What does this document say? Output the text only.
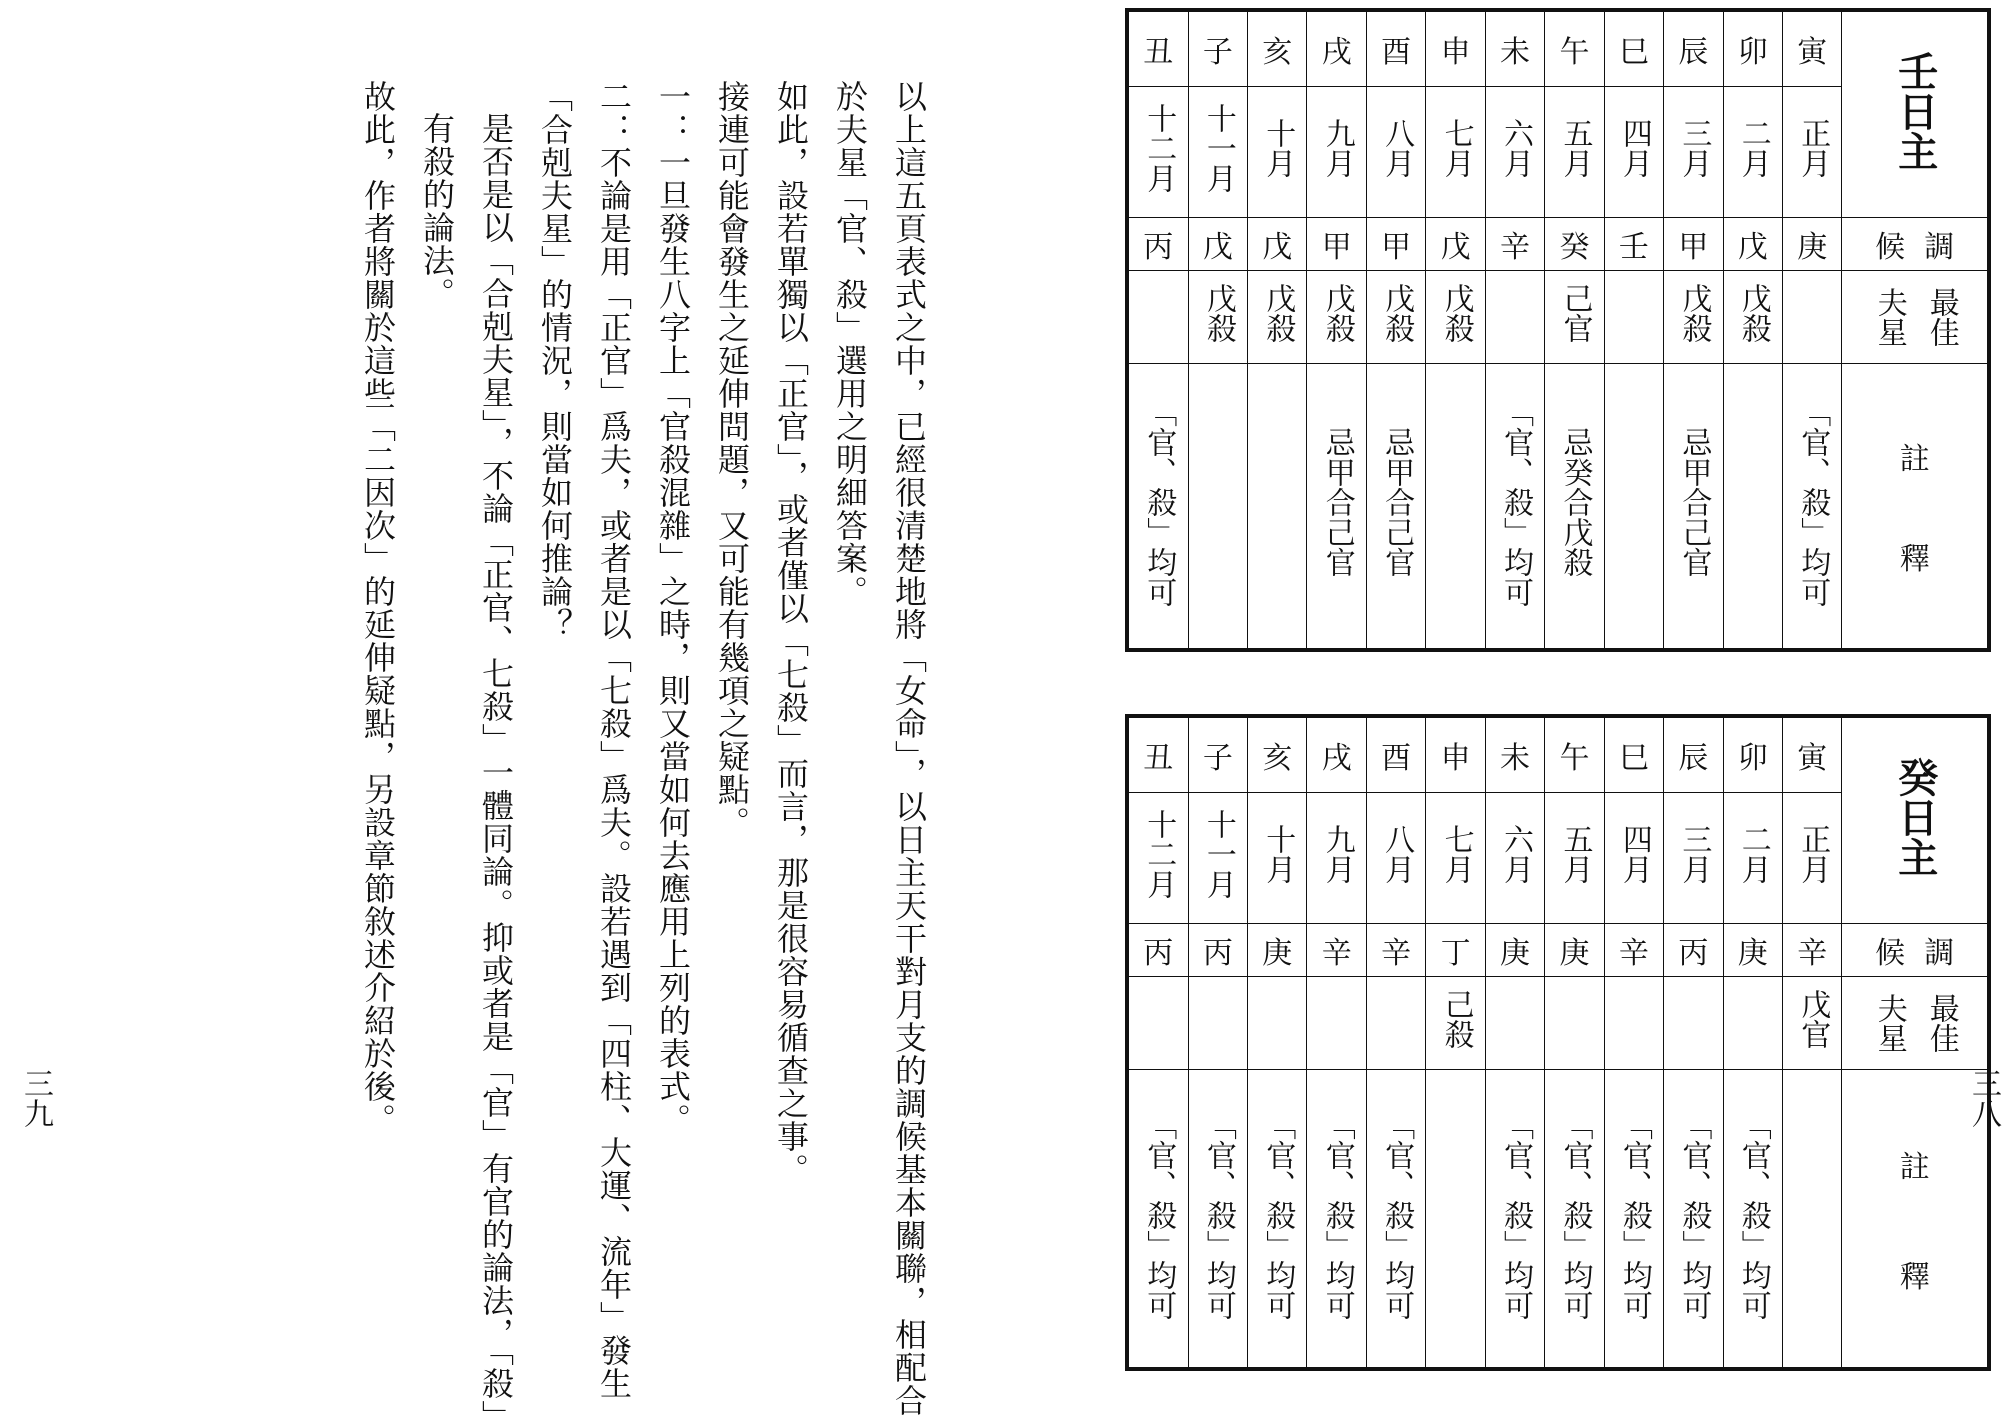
三九	三八

以上這五頁表式之中，已經很清楚地將「女命」，以日主天干對月支的調候基本關聯，相配合於夫星「官、殺」選用之明細答案。

如此，設若單獨以「正官」，或者僅以「七殺」而言，那是很容易循查之事。

接連可能會發生之延伸問題，又可能有幾項之疑點。

一：一旦發生八字上「官殺混雜」之時，則又當如何去應用上列的表式。

二：不論是用「正官」爲夫，或者是以「七殺」爲夫。設若遇到「四柱、大運、流年」發生「合剋夫星」的情況，則當如何推論？

是否是以「合剋夫星」，不論「正官、七殺」一體同論。抑或者是「官」有官的論法，「殺」有殺的論法。

故此，作者將關於這些「二因次」的延伸疑點，另設章節敘述介紹於後。

丑	子	亥	戌	酉	申	未	午	巳	辰	卯	寅	壬日主
十二月	十一月	十月	九月	八月	七月	六月	五月	四月	三月	二月	正月	
丙	戊	戊	甲	甲	戊	辛	癸	壬	甲	戊	庚	候 調
	戊殺	戊殺	戊殺	戊殺	戊殺		己官		戊殺	戊殺		最佳
夫星

「官、殺」均可			忌甲合己官	忌甲合己官		「官、殺」均可	忌癸合戊殺		忌甲合己官		「官、殺」均可	註
釋
丑	子	亥	戌	酉	申	未	午	巳	辰	卯	寅	癸日主
十二月	十一月	十月	九月	八月	七月	六月	五月	四月	三月	二月	正月	
丙	丙	庚	辛	辛	丁	庚	庚	辛	丙	庚	辛	候 調
					己殺						戊官	最佳
夫星

「官、殺」均可	「官、殺」均可	「官、殺」均可	「官、殺」均可	「官、殺」均可		「官、殺」均可	「官、殺」均可	「官、殺」均可	「官、殺」均可	「官、殺」均可		註
釋
